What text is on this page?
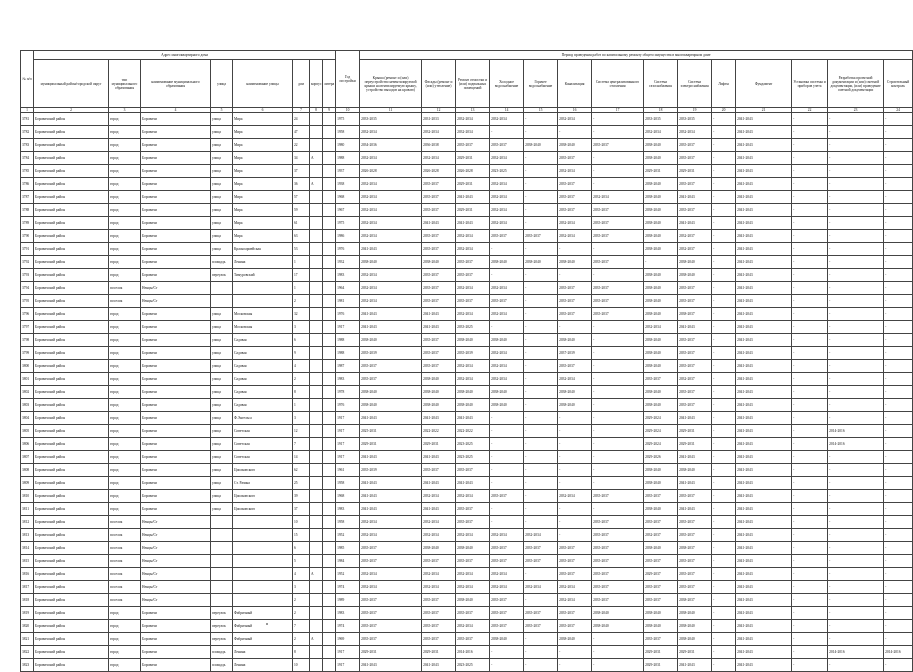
№ п/п	Адрес многоквартирного дома								Год постройки	Период проведения работ по капитальному ремонту общего имущества в многоквартирном доме													
	муниципальный район/городской округ	тип муниципального образования	наименование муниципального образования	улица	наименование улицы	дом	корпус	литера		Крыша (ремонт и (или) переустройство невентилируемой крыши на вентилируемую крышу, устройство выходов на кровлю)	Фасады (ремонт и (или) утепление)	Ремонт отмостки и (или) подвальных помещений	Холодное водоснабжение	Горячее водоснабжение	Канализация	Система централизованного отопления	Система газоснабжения	Система электроснабжения	Лифты	Фундамент	Установка системы и приборов учета	Разработка проектной документации и (или) сметной документации, (или) проведение сметной документации	Строительный контроль
1	2	3	4	5	6	7	8	9	10	11	12	13	14	15	16	17	18	19	20	21	22	23	24
3781	Боровичский район	город	Боровичи	улица	Мира	24			1975	2033-2035	2031-2033	2032-2034	2032-2034	-	2032-2034	-	2033-2035	2033-2035	-	2041-2043	-	-	-
3782	Боровичский район	город	Боровичи	улица	Мира	47			1958	2032-2034	2032-2034	2032-2034	-	-	-	-	2032-2034	2032-2034	-	2041-2043	-	-	-
3783	Боровичский район	город	Боровичи	улица	Мира	22			1980	2034-2036	2036-2038	2035-2037	2035-2037	2038-2040	2038-2040	2035-2037	2038-2040	2035-2037	-	2041-2043	-	-	-
3784	Боровичский район	город	Боровичи	улица	Мира	34	А		1988	2032-2034	2032-2034	2029-2031	2032-2034	-	2035-2037	-	2038-2040	2035-2037	-	2041-2043	-	-	-
3785	Боровичский район	город	Боровичи	улица	Мира	37			1937	2026-2028	2026-2028	2026-2028	2023-2025	-	2032-2034	-	2029-2031	2029-2031	-	2041-2043	-	-	-
3786	Боровичский район	город	Боровичи	улица	Мира	36	А		1938	2032-2034	2035-2037	2029-2031	2032-2034	-	2035-2037	-	2038-2040	2035-2037	-	2041-2043	-	-	-
3787	Боровичский район	город	Боровичи	улица	Мира	57			1968	2032-2034	2035-2037	2041-2043	2032-2034	-	2035-2037	2032-2034	2038-2040	2041-2043	-	2041-2043	-	-	-
3788	Боровичский район	город	Боровичи	улица	Мира	59			1967	2032-2034	2035-2037	2029-2031	2032-2034	-	2035-2037	2035-2037	2038-2040	2035-2037	-	2041-2043	-	-	-
3789	Боровичский район	город	Боровичи	улица	Мира	61			1975	2032-2034	2041-2043	2041-2043	2032-2034	-	2032-2034	2035-2037	2038-2040	2041-2043	-	2041-2043	-	-	-
3790	Боровичский район	город	Боровичи	улица	Мира	63			1986	2032-2034	2035-2037	2032-2034	2035-2037	2035-2037	2032-2034	2035-2037	2038-2040	2032-2037	-	2041-2043	-	-	-
3791	Боровичский район	город	Боровичи	улица	Красноармейская	53			1976	2041-2043	2035-2037	2032-2034	-	-	-	-	2038-2040	2032-2037	-	2041-2043	-	-	-
3792	Боровичский район	город	Боровичи	площадь	Ленина	1			1932	2038-2040	2038-2040	2035-2037	2038-2040	2038-2040	2038-2040	2035-2037	-	2038-2040	-	2041-2043	-	-	-
3793	Боровичский район	город	Боровичи	переулок	Тимуровский	17			1983	2032-2034	2035-2037	2035-2037	-	-	-	-	2038-2040	2038-2040	-	2041-2043	-	-	-
3794	Боровичский район	поселок	Ненцы/Ст			1			1964	2032-2034	2035-2037	2032-2034	2032-2034	-	2035-2037	2035-2037	2038-2040	2035-2037	-	2041-2043	-	-	-
3795	Боровичский район	поселок	Ненцы/Ст			2			1981	2032-2034	2035-2037	2035-2037	2035-2037	-	2035-2037	2035-2037	2038-2040	2035-2037	-	2041-2043	-	-	-
3796	Боровичский район	город	Боровичи	улица	Московская	32			1976	2041-2043	2041-2043	2032-2034	2032-2034	-	2035-2037	2035-2037	2038-2040	2038-2037	-	2041-2043	-	-	-
3797	Боровичский район	город	Боровичи	улица	Московская	3			1917	2041-2043	2041-2043	2033-2025	-	-	-	-	2032-2034	2041-2043	-	2041-2043	-	-	-
3798	Боровичский район	город	Боровичи	улица	Садовая	6			1988	2038-2040	2035-2037	2038-2040	2038-2040	-	2038-2040	-	2038-2040	2035-2037	-	2041-2043	-	-	-
3799	Боровичский район	город	Боровичи	улица	Садовая	9			1988	2035-2039	2035-2037	2035-2039	2032-2034	-	2037-2039	-	2038-2040	2035-2037	-	2041-2043	-	-	-
3800	Боровичский район	город	Боровичи	улица	Садовая	4			1987	2035-2037	2035-2037	2032-2034	2032-2034	-	2035-2037	-	2038-2040	2035-2037	-	2041-2043	-	-	-
3801	Боровичский район	город	Боровичи	улица	Садовая	2			1983	2035-2037	2038-2040	2032-2034	2032-2034	-	2032-2034	-	2035-2037	2032-2037	-	2041-2043	-	-	-
3802	Боровичский район	город	Боровичи	улица	Садовая	8			1978	2038-2040	2038-2040	2038-2040	2038-2040	-	2038-2040	-	2038-2040	2035-2037	-	2041-2043	-	-	-
3803	Боровичский район	город	Боровичи	улица	Садовая	1			1976	2038-2040	2038-2040	2038-2040	2038-2040	-	2038-2040	-	2038-2040	2035-2037	-	2041-2043	-	-	-
3804	Боровичский район	город	Боровичи	улица	Ф.Энгельса	3			1917	2041-2043	2041-2043	2041-2043	-	-	-	-	2029-2024	2041-2043	-	2041-2043	-	-	-
3805	Боровичский район	город	Боровичи	улица	Советская	12			1917	2025-2031	2022-2022	2022-2022	-	-	-	-	2029-2024	2029-2031	-	2041-2043	-	2014-2016	-
3806	Боровичский район	город	Боровичи	улица	Советская	7			1917	2029-2031	2029-2031	2023-2025	-	-	-	-	2029-2024	2029-2031	-	2041-2043	-	2014-2016	-
3807	Боровичский район	город	Боровичи	улица	Советская	14			1917	2041-2043	2041-2043	2023-2025	-	-	-	-	2029-2026	2041-2043	-	2041-2043	-	-	-
3808	Боровичский район	город	Боровичи	улица	Циолковского	62			1961	2035-2039	2035-2037	2035-2037	-	-	-	-	2038-2040	2038-2040	-	2041-2043	-	-	-
3809	Боровичский район	город	Боровичи	улица	Ст. Разина	25			1958	2041-2043	2041-2043	2041-2043	-	-	-	-	2038-2040	2041-2043	-	2041-2043	-	-	-
3810	Боровичский район	город	Боровичи	улица	Циолковского	39			1968	2041-2043	2032-2034	2032-2034	2035-2037	-	2032-2034	2035-2037	2035-2037	2035-2037	-	2041-2043	-	-	-
3811	Боровичский район	город	Боровичи	улица	Циолковского	37			1983	2041-2043	2041-2043	2035-2037	-	-	-	-	2038-2040	2041-2043	-	2041-2043	-	-	-
3812	Боровичский район	поселок	Ненцы/Ст			10			1958	2032-2034	2032-2034	2035-2037	-	-	-	2035-2037	2035-2037	2035-2037	-	2041-2043	-	-	-
3813	Боровичский район	поселок	Ненцы/Ст			15			1952	2032-2034	2032-2034	2032-2034	2032-2034	2032-2034	-	2035-2037	2032-2037	2035-2037	-	2041-2043	-	-	-
3814	Боровичский район	поселок	Ненцы/Ст			6			1985	2035-2037	2038-2040	2038-2040	2035-2037	2035-2037	2035-2037	2035-2037	2038-2040	2038-2037	-	2041-2043	-	-	-
3815	Боровичский район	поселок	Ненцы/Ст			5			1984	2035-2037	2035-2037	2035-2037	2035-2037	2035-2037	2035-2037	2035-2037	2035-2037	2035-2037	-	2041-2043	-	-	-
3816	Боровичский район	поселок	Ненцы/Ст			4	А		1952	2032-2034	2032-2034	2032-2034	2032-2034	-	2035-2037	2035-2037	2029-2037	2035-2037	-	2041-2043	-	-	-
3817	Боровичский район	поселок	Ненцы/Ст			3			1974	2032-2034	2032-2034	2032-2034	2032-2034	2032-2034	2032-2034	2035-2037	2035-2037	2035-2037	-	2041-2043	-	-	-
3818	Боровичский район	поселок	Ненцы/Ст			2			1989	2035-2037	2035-2037	2038-2040	2035-2037	-	2032-2034	2035-2037	2035-2037	2038-2037	-	2041-2043	-	-	-
3819	Боровичский район	город	Боровичи	переулок	Фабричный	2			1983	2035-2037	2035-2037	2035-2037	2035-2037	2035-2037	2035-2037	2038-2040	2038-2040	2038-2040	-	2041-2043	-	-	-
3820	Боровичский район	город	Боровичи	переулок	Фабричный	7			1974	2035-2037	2035-2037	2032-2034	2035-2037	2035-2037	2035-2037	2038-2040	2038-2040	2038-2040	-	2041-2043	-	-	-
3821	Боровичский район	город	Боровичи	переулок	Фабричный	2	А		1969	2035-2037	2035-2037	2035-2037	2038-2040	-	2038-2040	-	2035-2037	2038-2040	-	2041-2043	-	-	-
3822	Боровичский район	город	Боровичи	площадь	Ленина	8			1917	2029-2031	2029-2031	2014-2016	-	-	-	-	2029-2031	2029-2031	-	2041-2043	-	2014-2016	2014-2016
3823	Боровичский район	город	Боровичи	площадь	Ленина	10			1917	2041-2043	2041-2043	2023-2025	-	-	-	-	2029-2031	2041-2043	-	2041-2043	-	-	-
